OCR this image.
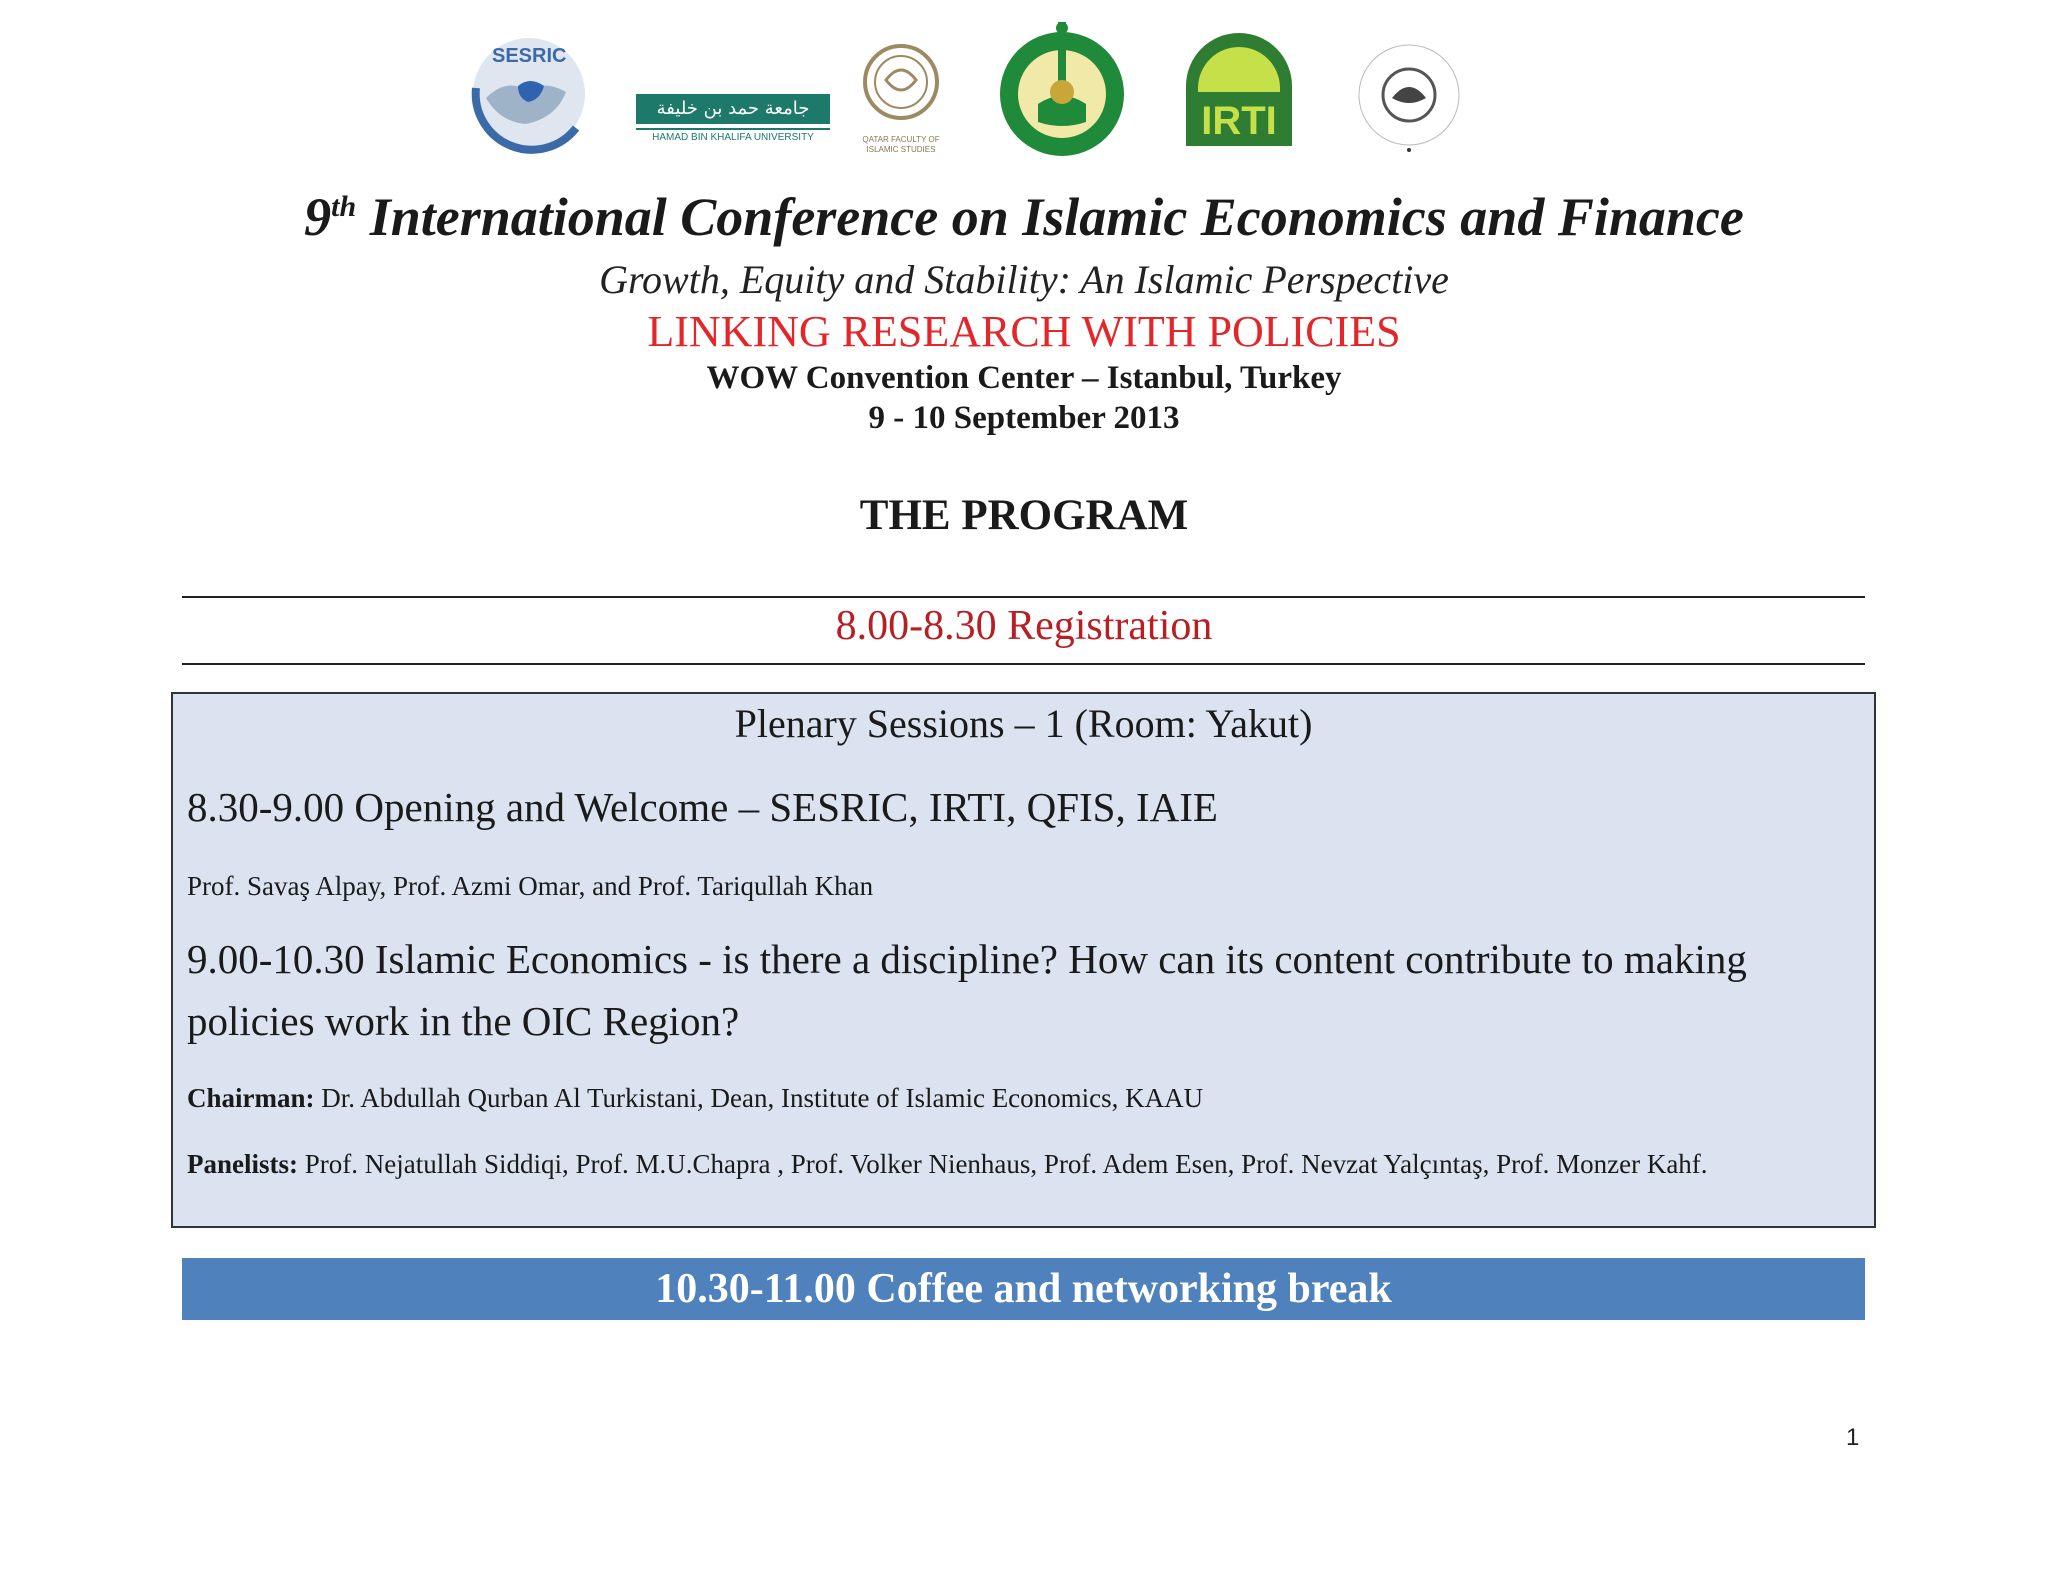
SESRIC
جامعة حمد بن خليفة
HAMAD BIN KHALIFA UNIVERSITY	QATAR FACULTY OF ISLAMIC STUDIES
IRTI
9th International Conference on Islamic Economics and Finance
Growth, Equity and Stability: An Islamic Perspective
LINKING RESEARCH WITH POLICIES
WOW Convention Center – Istanbul, Turkey
9 - 10 September 2013
THE PROGRAM
8.00-8.30 Registration
Plenary Sessions – 1 (Room: Yakut)
8.30-9.00 Opening and Welcome – SESRIC, IRTI, QFIS, IAIE
Prof. Savaş Alpay, Prof. Azmi Omar, and Prof. Tariqullah Khan
9.00-10.30 Islamic Economics - is there a discipline? How can its content contribute to making policies work in the OIC Region?
Chairman: Dr. Abdullah Qurban Al Turkistani, Dean, Institute of Islamic Economics, KAAU
Panelists: Prof. Nejatullah Siddiqi, Prof. M.U.Chapra , Prof. Volker Nienhaus, Prof. Adem Esen, Prof. Nevzat Yalçıntaş, Prof. Monzer Kahf.
10.30-11.00 Coffee and networking break
1
